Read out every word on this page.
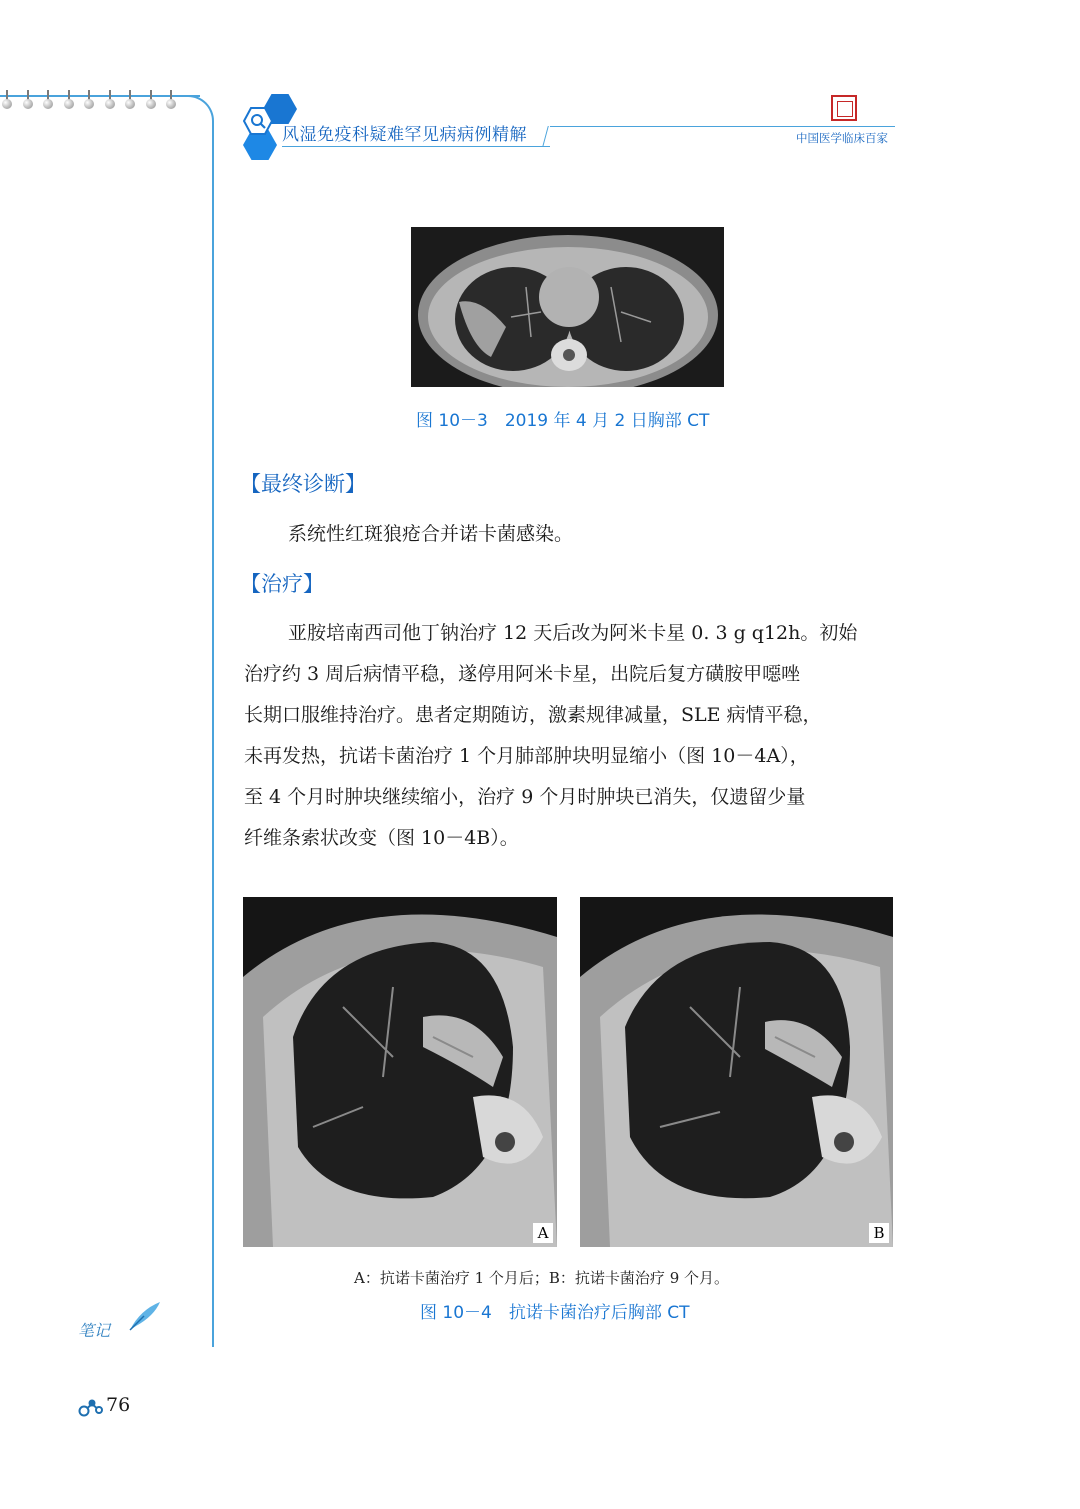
风湿免疫科疑难罕见病病例精解	中国医学临床百家
图 10－3　2019 年 4 月 2 日胸部 CT
【最终诊断】
系统性红斑狼疮合并诺卡菌感染。
【治疗】
亚胺培南西司他丁钠治疗 12 天后改为阿米卡星 0. 3 g q12h。初始
治疗约 3 周后病情平稳，遂停用阿米卡星，出院后复方磺胺甲噁唑
长期口服维持治疗。患者定期随访，激素规律减量，SLE 病情平稳，
未再发热，抗诺卡菌治疗 1 个月肺部肿块明显缩小（图 10－4A），
至 4 个月时肿块继续缩小，治疗 9 个月时肿块已消失，仅遗留少量
纤维条索状改变（图 10－4B）。
A	B
A：抗诺卡菌治疗 1 个月后；B：抗诺卡菌治疗 9 个月。
图 10－4　抗诺卡菌治疗后胸部 CT
笔记
76
